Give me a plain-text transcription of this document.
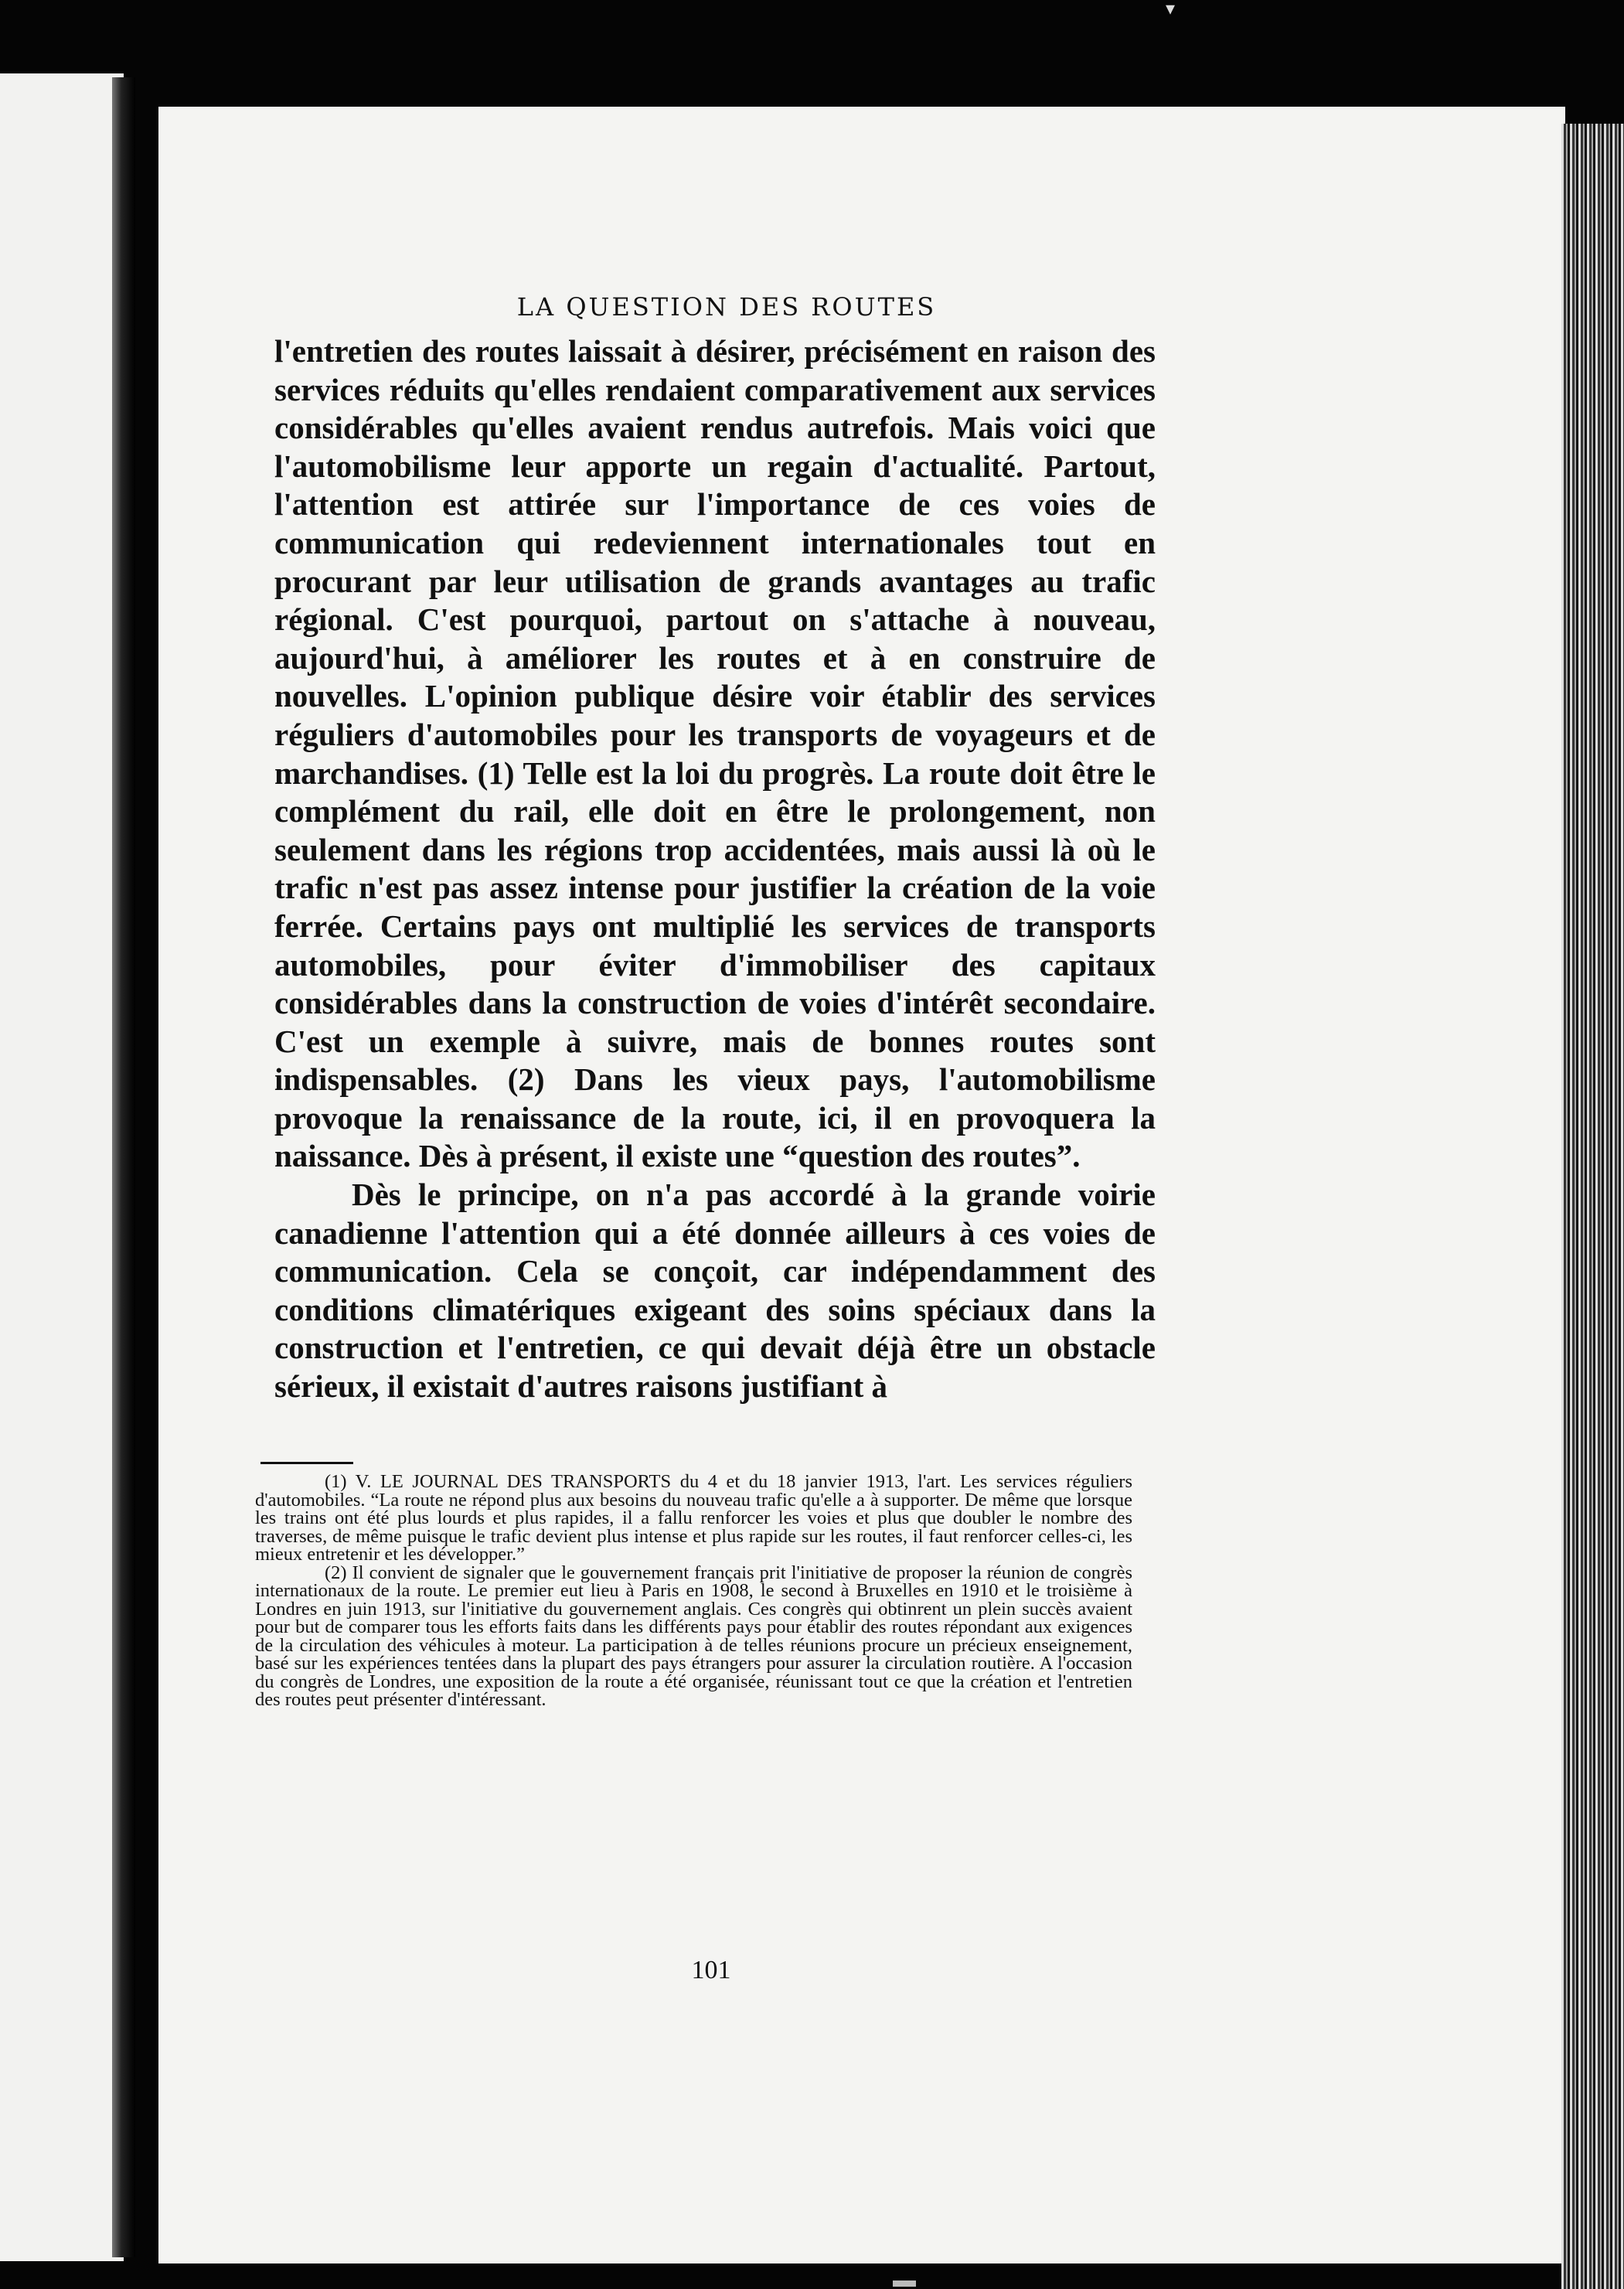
▾
LA QUESTION DES ROUTES

l'entretien des routes laissait à désirer, précisément en raison des services réduits qu'elles rendaient comparativement aux services considérables qu'elles avaient rendus autrefois. Mais voici que l'automobilisme leur apporte un regain d'actualité. Partout, l'attention est attirée sur l'importance de ces voies de communication qui redeviennent internationales tout en procurant par leur utilisation de grands avantages au trafic régional. C'est pourquoi, partout on s'attache à nouveau, aujourd'hui, à améliorer les routes et à en construire de nouvelles. L'opinion publique désire voir établir des services réguliers d'automobiles pour les transports de voyageurs et de marchandises. (1) Telle est la loi du progrès. La route doit être le complément du rail, elle doit en être le prolongement, non seulement dans les régions trop accidentées, mais aussi là où le trafic n'est pas assez intense pour justifier la création de la voie ferrée. Certains pays ont multiplié les services de transports automobiles, pour éviter d'immobiliser des capitaux considérables dans la construction de voies d'intérêt secondaire. C'est un exemple à suivre, mais de bonnes routes sont indispensables. (2) Dans les vieux pays, l'automobilisme provoque la renaissance de la route, ici, il en provoquera la naissance. Dès à présent, il existe une “question des routes”.

Dès le principe, on n'a pas accordé à la grande voirie canadienne l'attention qui a été donnée ailleurs à ces voies de communication. Cela se conçoit, car indépendamment des conditions climatériques exigeant des soins spéciaux dans la construction et l'entretien, ce qui devait déjà être un obstacle sérieux, il existait d'autres raisons justifiant à

(1) V. LE JOURNAL DES TRANSPORTS du 4 et du 18 janvier 1913, l'art. Les services réguliers d'automobiles. “La route ne répond plus aux besoins du nouveau trafic qu'elle a à supporter. De même que lorsque les trains ont été plus lourds et plus rapides, il a fallu renforcer les voies et plus que doubler le nombre des traverses, de même puisque le trafic devient plus intense et plus rapide sur les routes, il faut renforcer celles-ci, les mieux entretenir et les développer.”

(2) Il convient de signaler que le gouvernement français prit l'initiative de proposer la réunion de congrès internationaux de la route. Le premier eut lieu à Paris en 1908, le second à Bruxelles en 1910 et le troisième à Londres en juin 1913, sur l'initiative du gouvernement anglais. Ces congrès qui obtinrent un plein succès avaient pour but de comparer tous les efforts faits dans les différents pays pour établir des routes répondant aux exigences de la circulation des véhicules à moteur. La participation à de telles réunions procure un précieux enseignement, basé sur les expériences tentées dans la plupart des pays étrangers pour assurer la circulation routière. A l'occasion du congrès de Londres, une exposition de la route a été organisée, réunissant tout ce que la création et l'entretien des routes peut présenter d'intéressant.

101
